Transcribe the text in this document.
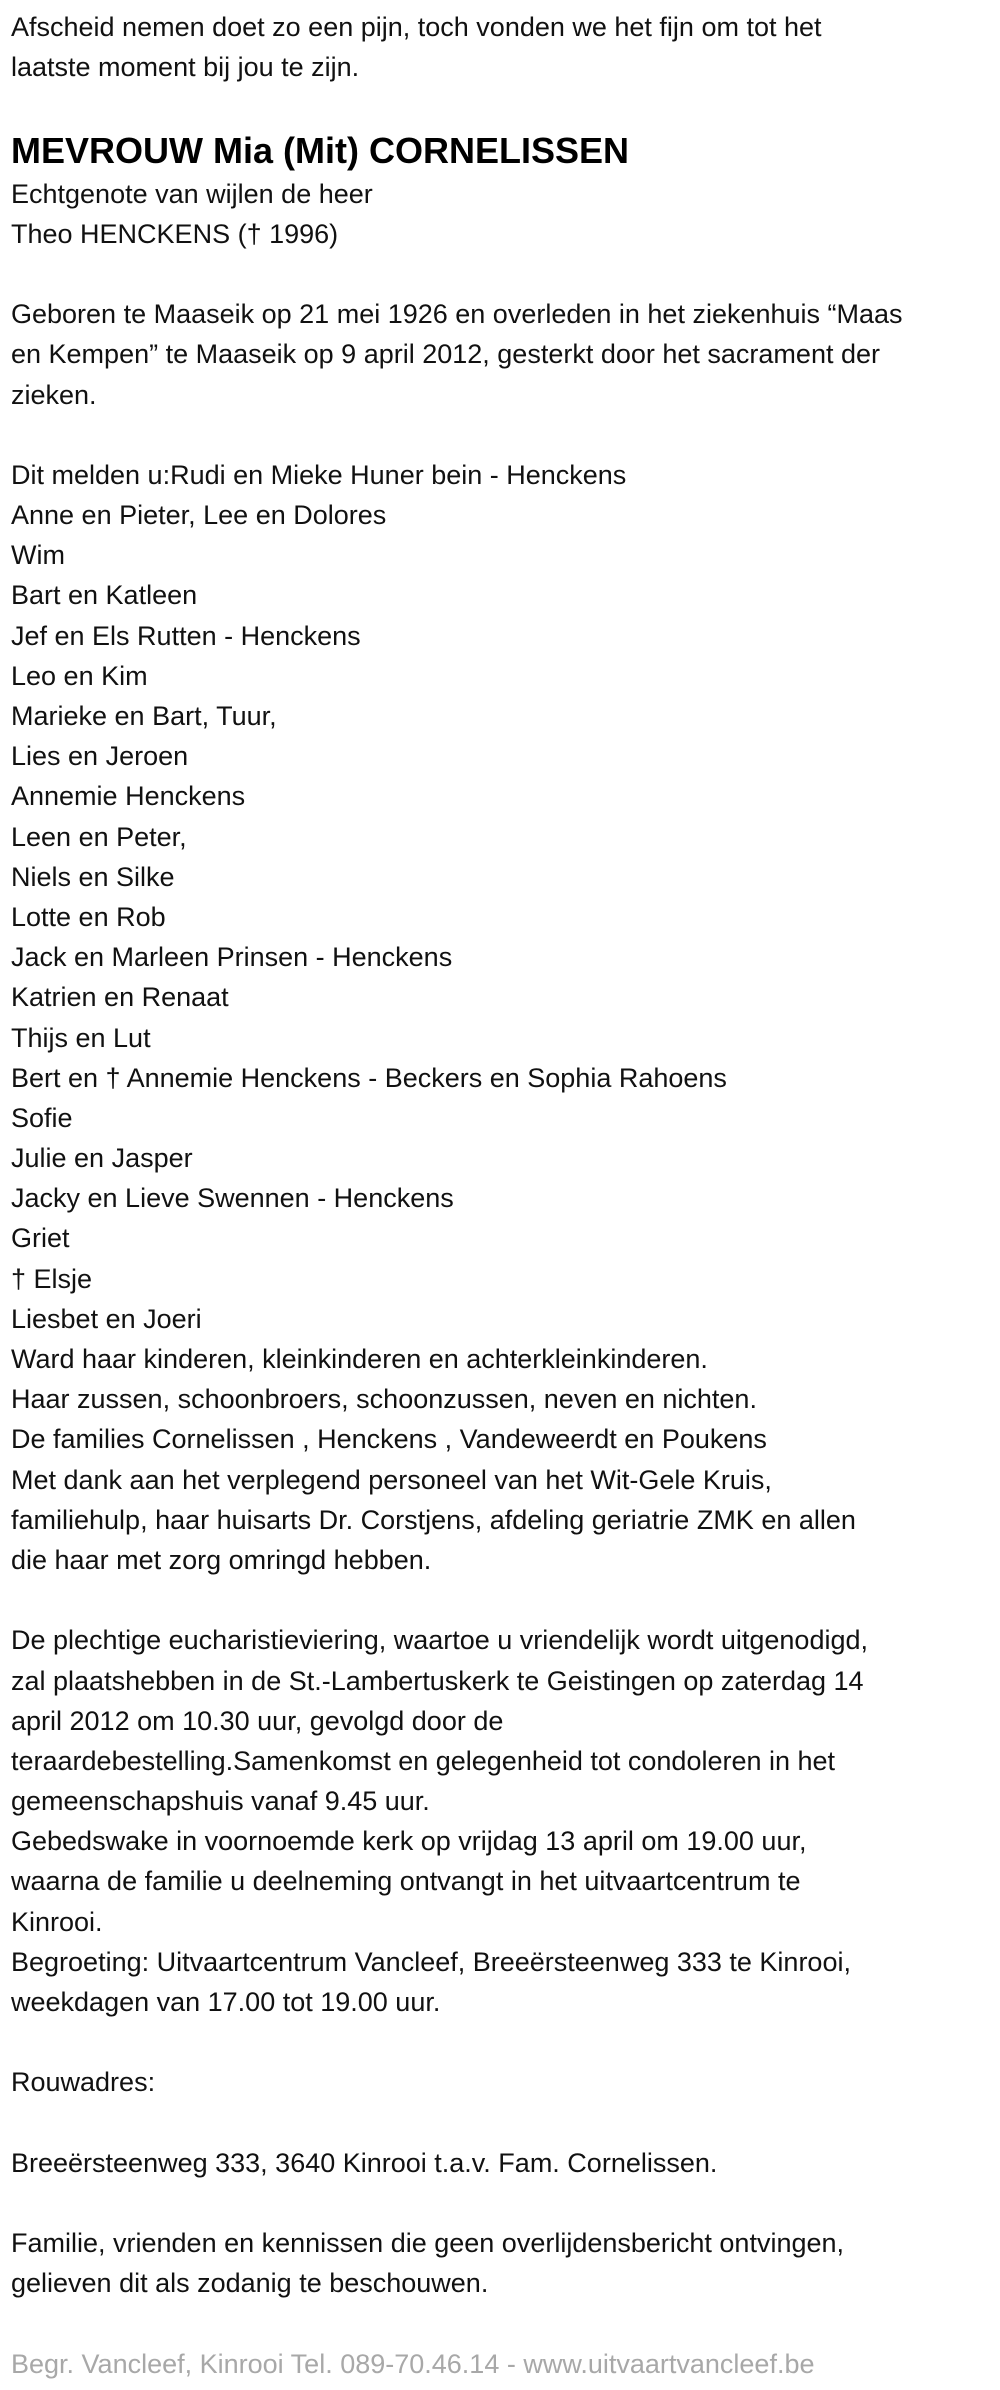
Afscheid nemen doet zo een pijn, toch vonden we het fijn om tot het
laatste moment bij jou te zijn.
MEVROUW Mia (Mit) CORNELISSEN
Echtgenote van wijlen de heer
Theo HENCKENS († 1996)
Geboren te Maaseik op 21 mei 1926 en overleden in het ziekenhuis “Maas
en Kempen” te Maaseik op 9 april 2012, gesterkt door het sacrament der
zieken.
Dit melden u:Rudi en Mieke Huner bein - Henckens
Anne en Pieter, Lee en Dolores
Wim
Bart en Katleen
Jef en Els Rutten - Henckens
Leo en Kim
Marieke en Bart, Tuur,
Lies en Jeroen
Annemie Henckens
Leen en Peter,
Niels en Silke
Lotte en Rob
Jack en Marleen Prinsen - Henckens
Katrien en Renaat
Thijs en Lut
Bert en † Annemie Henckens - Beckers en Sophia Rahoens
Sofie
Julie en Jasper
Jacky en Lieve Swennen - Henckens
Griet
† Elsje
Liesbet en Joeri
Ward haar kinderen, kleinkinderen en achterkleinkinderen.
Haar zussen, schoonbroers, schoonzussen, neven en nichten.
De families Cornelissen , Henckens , Vandeweerdt en Poukens
Met dank aan het verplegend personeel van het Wit-Gele Kruis,
familiehulp, haar huisarts Dr. Corstjens, afdeling geriatrie ZMK en allen
die haar met zorg omringd hebben.
De plechtige eucharistieviering, waartoe u vriendelijk wordt uitgenodigd,
zal plaatshebben in de St.-Lambertuskerk te Geistingen op zaterdag 14
april 2012 om 10.30 uur, gevolgd door de
teraardebestelling.Samenkomst en gelegenheid tot condoleren in het
gemeenschapshuis vanaf 9.45 uur.
Gebedswake in voornoemde kerk op vrijdag 13 april om 19.00 uur,
waarna de familie u deelneming ontvangt in het uitvaartcentrum te
Kinrooi.
Begroeting: Uitvaartcentrum Vancleef, Breeërsteenweg 333 te Kinrooi,
weekdagen van 17.00 tot 19.00 uur.
Rouwadres:
Breeërsteenweg 333, 3640 Kinrooi t.a.v. Fam. Cornelissen.
Familie, vrienden en kennissen die geen overlijdensbericht ontvingen,
gelieven dit als zodanig te beschouwen.
Begr. Vancleef, Kinrooi Tel. 089-70.46.14 - www.uitvaartvancleef.be
